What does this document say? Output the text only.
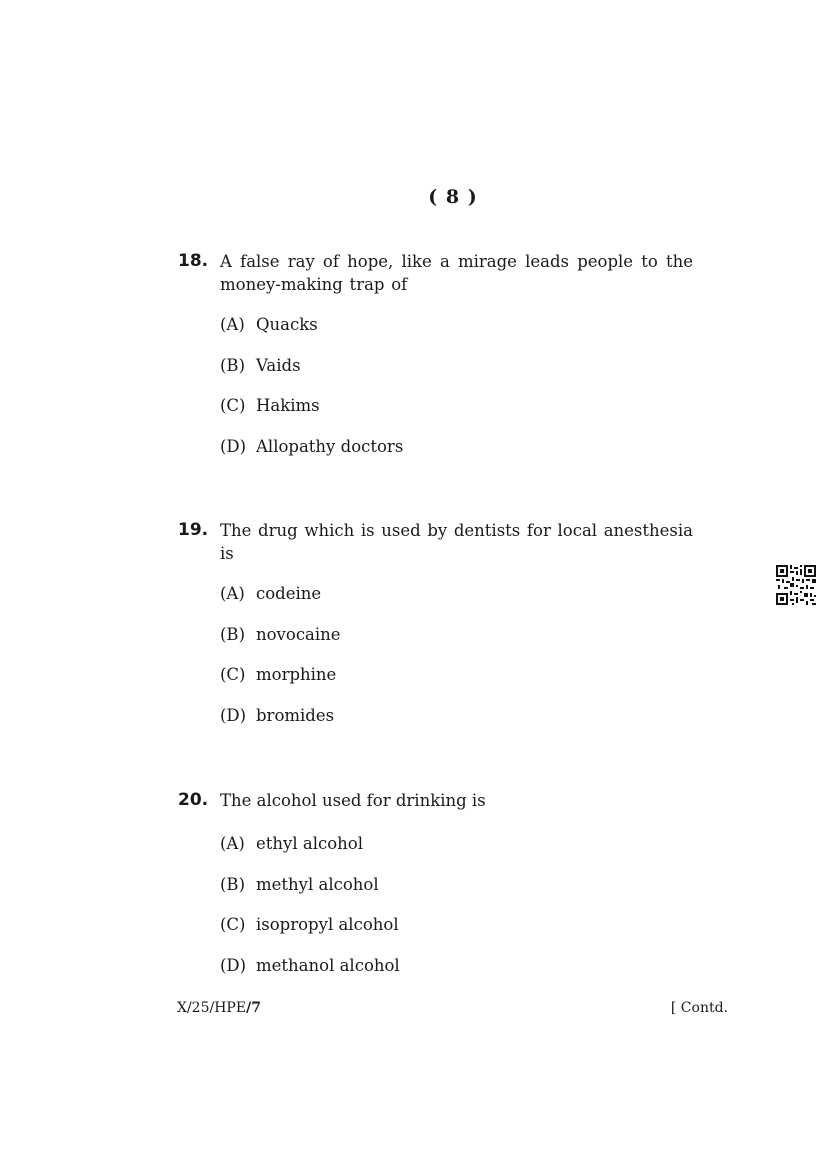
( 8 )
18. A false ray of hope, like a mirage leads people to the money-making trap of
(A) Quacks
(B) Vaids
(C) Hakims
(D) Allopathy doctors
19. The drug which is used by dentists for local anesthesia is
(A) codeine
(B) novocaine
(C) morphine
(D) bromides
20. The alcohol used for drinking is
(A) ethyl alcohol
(B) methyl alcohol
(C) isopropyl alcohol
(D) methanol alcohol
X/25/HPE/7	[ Contd.
